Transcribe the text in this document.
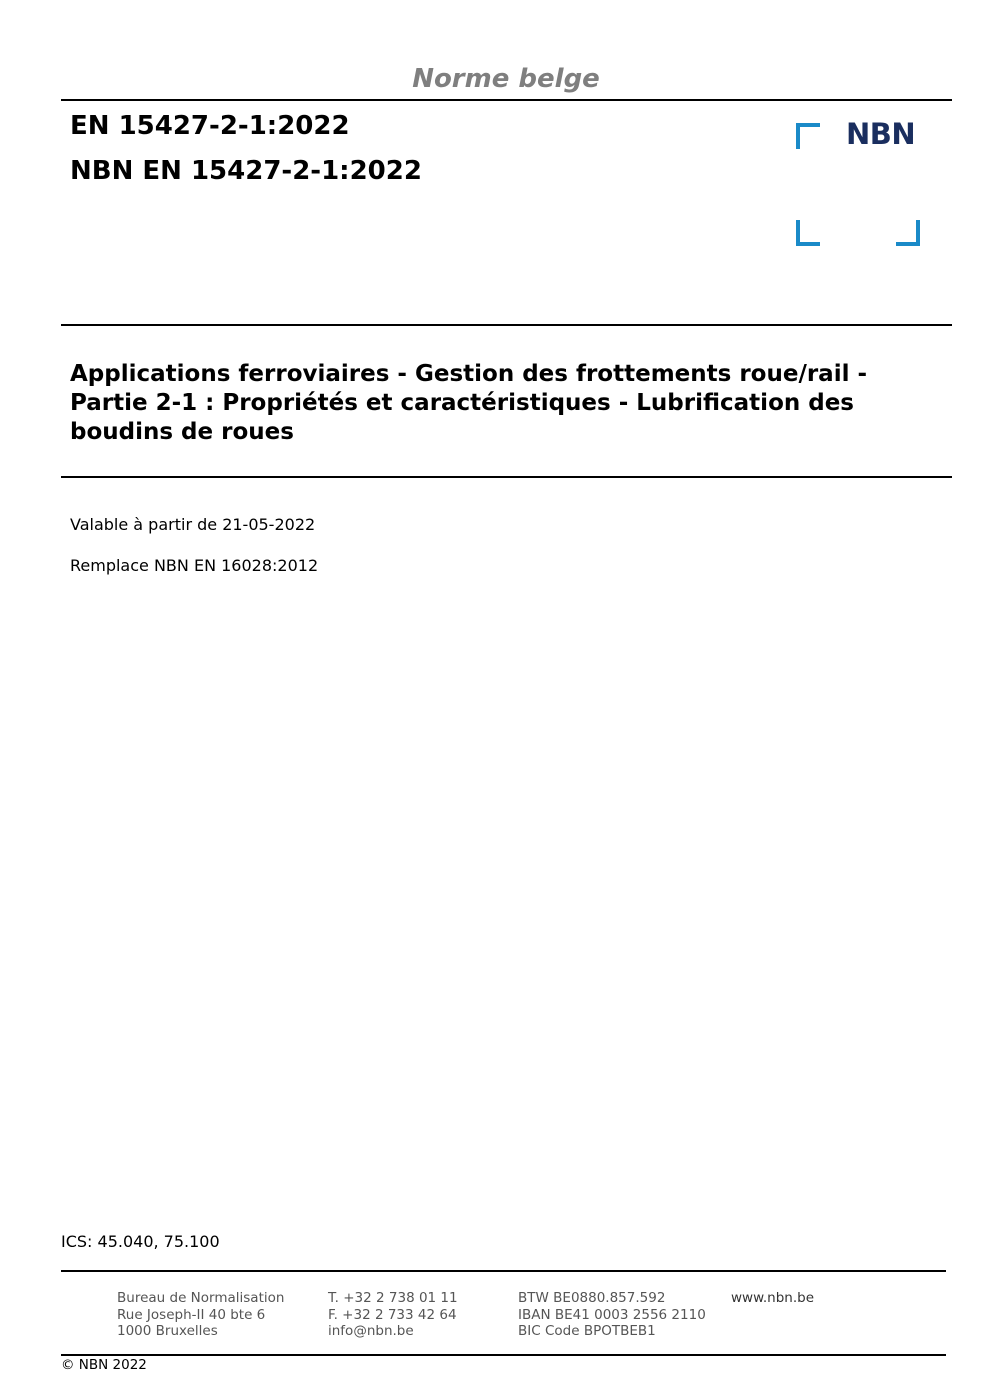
Norme belge
EN 15427-2-1:2022
NBN EN 15427-2-1:2022
NBN
Applications ferroviaires - Gestion des frottements roue/rail - Partie 2-1 : Propriétés et caractéristiques - Lubrification des boudins de roues
Valable à partir de 21-05-2022
Remplace NBN EN 16028:2012
ICS: 45.040, 75.100
Bureau de Normalisation
Rue Joseph-II 40 bte 6
1000 Bruxelles
T. +32 2 738 01 11
F. +32 2 733 42 64
info@nbn.be
BTW BE0880.857.592
IBAN BE41 0003 2556 2110
BIC Code BPOTBEB1
www.nbn.be
© NBN 2022
